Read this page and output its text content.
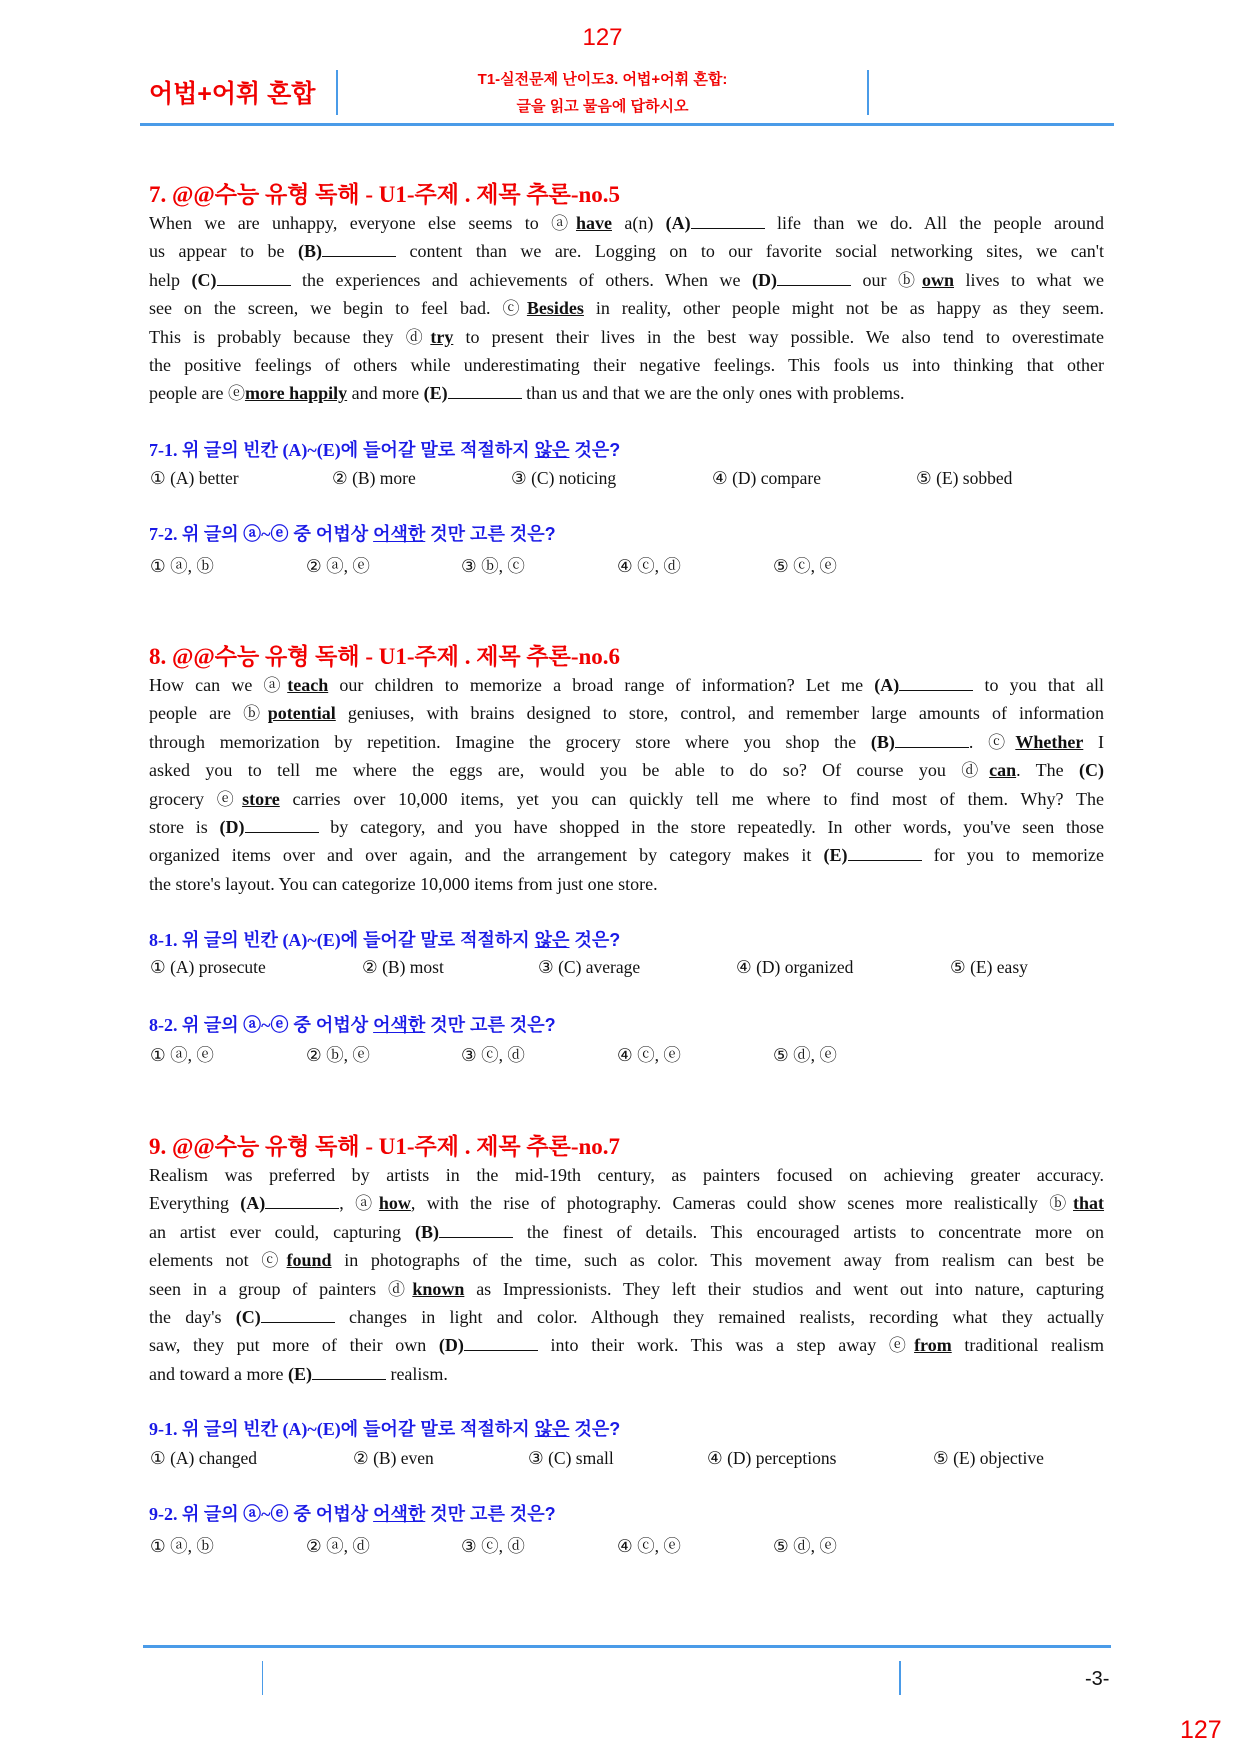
127
어법+어휘 혼합
T1-실전문제 난이도3. 어법+어휘 혼합:
글을 읽고 물음에 답하시오
7. @@수능 유형 독해 - U1-주제 . 제목 추론-no.5
When we are unhappy, everyone else seems to ⓐhave a(n) (A)	life than we do. All the people around
us appear to be (B)	content than we are. Logging on to our favorite social networking sites, we can't
help (C)	the experiences and achievements of others. When we (D)	our ⓑown lives to what we
see on the screen, we begin to feel bad. ⓒBesides in reality, other people might not be as happy as they seem.
This is probably because they ⓓtry to present their lives in the best way possible. We also tend to overestimate
the positive feelings of others while underestimating their negative feelings. This fools us into thinking that other
people are ⓔmore happily and more (E)	than us and that we are the only ones with problems.
7-1. 위 글의 빈칸 (A)~(E)에 들어갈 말로 적절하지 않은 것은?
① (A) better	② (B) more	③ (C) noticing	④ (D) compare	⑤ (E) sobbed
7-2. 위 글의 ⓐ~ⓔ 중 어법상 어색한 것만 고른 것은?
① ⓐ, ⓑ	② ⓐ, ⓔ	③ ⓑ, ⓒ	④ ⓒ, ⓓ	⑤ ⓒ, ⓔ
8. @@수능 유형 독해 - U1-주제 . 제목 추론-no.6
How can we ⓐteach our children to memorize a broad range of information? Let me (A)	to you that all
people are ⓑpotential geniuses, with brains designed to store, control, and remember large amounts of information
through memorization by repetition. Imagine the grocery store where you shop the (B)	. ⓒWhether I
asked you to tell me where the eggs are, would you be able to do so? Of course you ⓓcan. The (C)
grocery ⓔstore carries over 10,000 items, yet you can quickly tell me where to find most of them. Why? The
store is (D)	by category, and you have shopped in the store repeatedly. In other words, you've seen those
organized items over and over again, and the arrangement by category makes it (E)	for you to memorize
the store's layout. You can categorize 10,000 items from just one store.
8-1. 위 글의 빈칸 (A)~(E)에 들어갈 말로 적절하지 않은 것은?
① (A) prosecute	② (B) most	③ (C) average	④ (D) organized	⑤ (E) easy
8-2. 위 글의 ⓐ~ⓔ 중 어법상 어색한 것만 고른 것은?
① ⓐ, ⓔ	② ⓑ, ⓔ	③ ⓒ, ⓓ	④ ⓒ, ⓔ	⑤ ⓓ, ⓔ
9. @@수능 유형 독해 - U1-주제 . 제목 추론-no.7
Realism was preferred by artists in the mid-19th century, as painters focused on achieving greater accuracy.
Everything (A)	, ⓐhow, with the rise of photography. Cameras could show scenes more realistically ⓑthat
an artist ever could, capturing (B)	the finest of details. This encouraged artists to concentrate more on
elements not ⓒfound in photographs of the time, such as color. This movement away from realism can best be
seen in a group of painters ⓓknown as Impressionists. They left their studios and went out into nature, capturing
the day's (C)	changes in light and color. Although they remained realists, recording what they actually
saw, they put more of their own (D)	into their work. This was a step away ⓔfrom traditional realism
and toward a more (E)	realism.
9-1. 위 글의 빈칸 (A)~(E)에 들어갈 말로 적절하지 않은 것은?
① (A) changed	② (B) even	③ (C) small	④ (D) perceptions	⑤ (E) objective
9-2. 위 글의 ⓐ~ⓔ 중 어법상 어색한 것만 고른 것은?
① ⓐ, ⓑ	② ⓐ, ⓓ	③ ⓒ, ⓓ	④ ⓒ, ⓔ	⑤ ⓓ, ⓔ
-3-
127
